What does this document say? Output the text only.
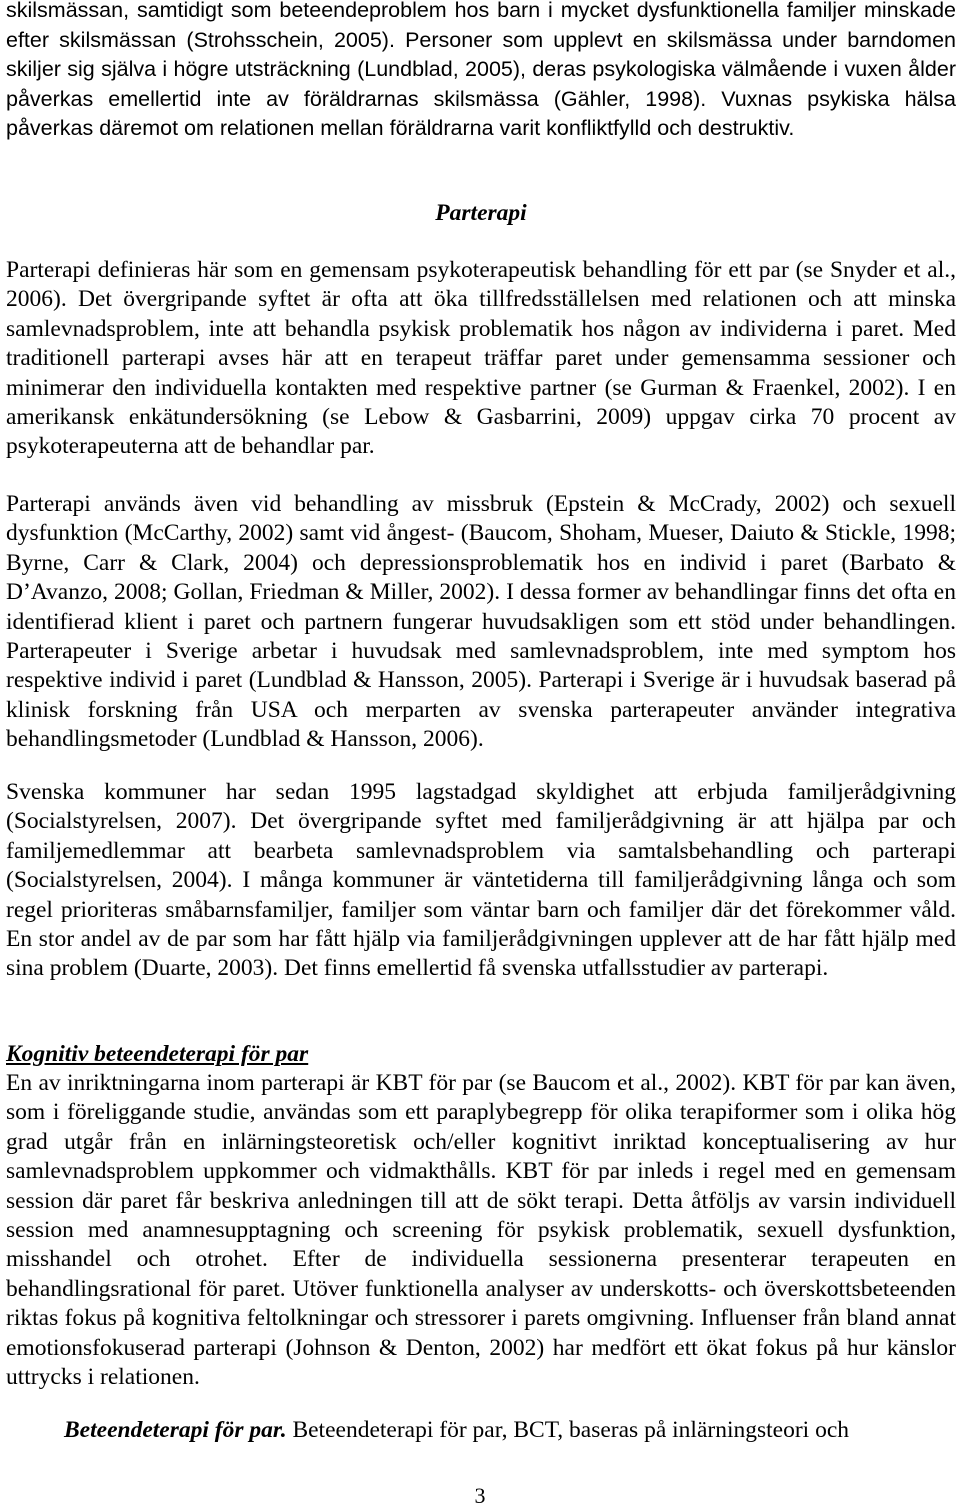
skilsmässan, samtidigt som beteendeproblem hos barn i mycket dysfunktionella familjer minskade efter skilsmässan (Strohsschein, 2005). Personer som upplevt en skilsmässa under barndomen skiljer sig själva i högre utsträckning (Lundblad, 2005), deras psykologiska välmående i vuxen ålder påverkas emellertid inte av föräldrarnas skilsmässa (Gähler, 1998). Vuxnas psykiska hälsa påverkas däremot om relationen mellan föräldrarna varit konfliktfylld och destruktiv.

Parterapi

Parterapi definieras här som en gemensam psykoterapeutisk behandling för ett par (se Snyder et al., 2006). Det övergripande syftet är ofta att öka tillfredsställelsen med relationen och att minska samlevnadsproblem, inte att behandla psykisk problematik hos någon av individerna i paret. Med traditionell parterapi avses här att en terapeut träffar paret under gemensamma sessioner och minimerar den individuella kontakten med respektive partner (se Gurman & Fraenkel, 2002). I en amerikansk enkätundersökning (se Lebow & Gasbarrini, 2009) uppgav cirka 70 procent av psykoterapeuterna att de behandlar par.

Parterapi används även vid behandling av missbruk (Epstein & McCrady, 2002) och sexuell dysfunktion (McCarthy, 2002) samt vid ångest- (Baucom, Shoham, Mueser, Daiuto & Stickle, 1998; Byrne, Carr & Clark, 2004) och depressionsproblematik hos en individ i paret (Barbato & D’Avanzo, 2008; Gollan, Friedman & Miller, 2002). I dessa former av behandlingar finns det ofta en identifierad klient i paret och partnern fungerar huvudsakligen som ett stöd under behandlingen. Parterapeuter i Sverige arbetar i huvudsak med samlevnadsproblem, inte med symptom hos respektive individ i paret (Lundblad & Hansson, 2005). Parterapi i Sverige är i huvudsak baserad på klinisk forskning från USA och merparten av svenska parterapeuter använder integrativa behandlingsmetoder (Lundblad & Hansson, 2006).

Svenska kommuner har sedan 1995 lagstadgad skyldighet att erbjuda familjerådgivning (Socialstyrelsen, 2007). Det övergripande syftet med familjerådgivning är att hjälpa par och familjemedlemmar att bearbeta samlevnadsproblem via samtalsbehandling och parterapi (Socialstyrelsen, 2004). I många kommuner är väntetiderna till familjerådgivning långa och som regel prioriteras småbarnsfamiljer, familjer som väntar barn och familjer där det förekommer våld. En stor andel av de par som har fått hjälp via familjerådgivningen upplever att de har fått hjälp med sina problem (Duarte, 2003). Det finns emellertid få svenska utfallsstudier av parterapi.

Kognitiv beteendeterapi för par

En av inriktningarna inom parterapi är KBT för par (se Baucom et al., 2002). KBT för par kan även, som i föreliggande studie, användas som ett paraplybegrepp för olika terapiformer som i olika hög grad utgår från en inlärningsteoretisk och/eller kognitivt inriktad konceptualisering av hur samlevnadsproblem uppkommer och vidmakthålls. KBT för par inleds i regel med en gemensam session där paret får beskriva anledningen till att de sökt terapi. Detta åtföljs av varsin individuell session med anamnesupptagning och screening för psykisk problematik, sexuell dysfunktion, misshandel och otrohet. Efter de individuella sessionerna presenterar terapeuten en behandlingsrational för paret. Utöver funktionella analyser av underskotts- och överskottsbeteenden riktas fokus på kognitiva feltolkningar och stressorer i parets omgivning. Influenser från bland annat emotionsfokuserad parterapi (Johnson & Denton, 2002) har medfört ett ökat fokus på hur känslor uttrycks i relationen.

Beteendeterapi för par. Beteendeterapi för par, BCT, baseras på inlärningsteori och

3
